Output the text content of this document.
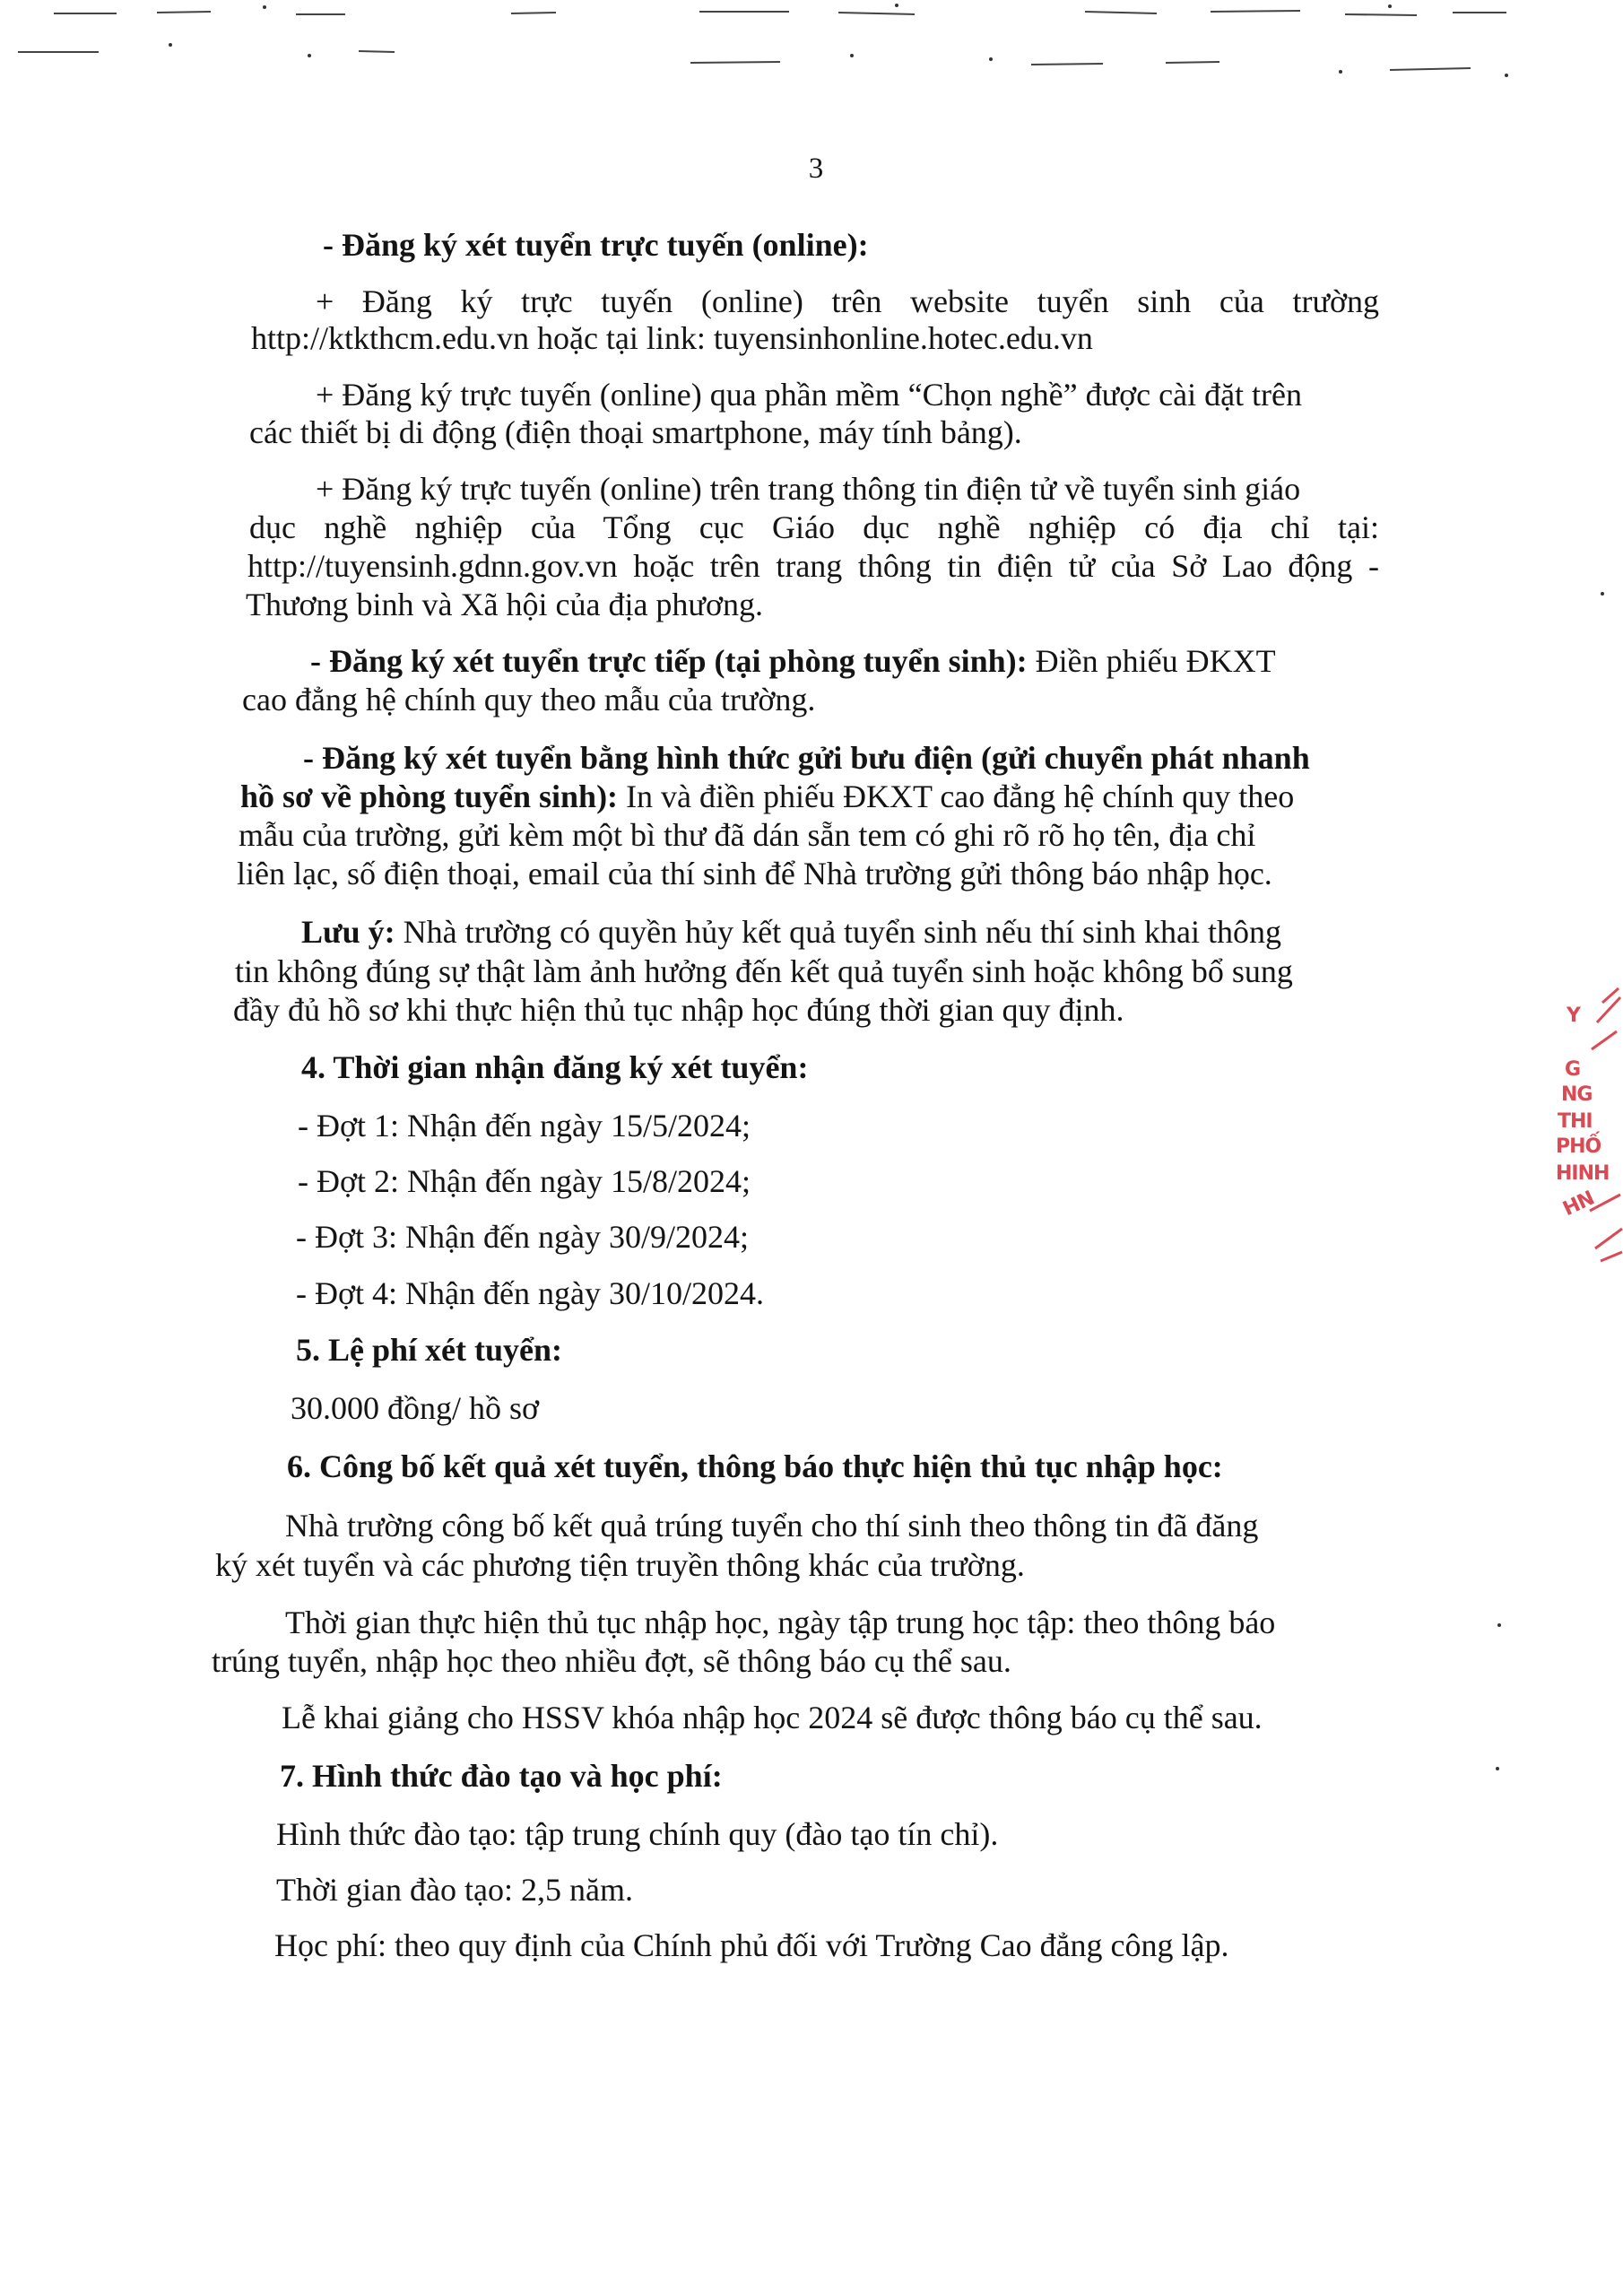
3
- Đăng ký xét tuyển trực tuyến (online):
+ Đăng ký trực tuyến (online) trên website tuyển sinh của trường
http://ktkthcm.edu.vn hoặc tại link: tuyensinhonline.hotec.edu.vn
+ Đăng ký trực tuyến (online) qua phần mềm “Chọn nghề” được cài đặt trên
các thiết bị di động (điện thoại smartphone, máy tính bảng).
+ Đăng ký trực tuyến (online) trên trang thông tin điện tử về tuyển sinh giáo
dục nghề nghiệp của Tổng cục Giáo dục nghề nghiệp có địa chỉ tại:
http://tuyensinh.gdnn.gov.vn hoặc trên trang thông tin điện tử của Sở Lao động -
Thương binh và Xã hội của địa phương.
- Đăng ký xét tuyển trực tiếp (tại phòng tuyển sinh): Điền phiếu ĐKXT
cao đẳng hệ chính quy theo mẫu của trường.
- Đăng ký xét tuyển bằng hình thức gửi bưu điện (gửi chuyển phát nhanh
hồ sơ về phòng tuyển sinh): In và điền phiếu ĐKXT cao đẳng hệ chính quy theo
mẫu của trường, gửi kèm một bì thư đã dán sẵn tem có ghi rõ rõ họ tên, địa chỉ
liên lạc, số điện thoại, email của thí sinh để Nhà trường gửi thông báo nhập học.
Lưu ý: Nhà trường có quyền hủy kết quả tuyển sinh nếu thí sinh khai thông
tin không đúng sự thật làm ảnh hưởng đến kết quả tuyển sinh hoặc không bổ sung
đầy đủ hồ sơ khi thực hiện thủ tục nhập học đúng thời gian quy định.
4. Thời gian nhận đăng ký xét tuyển:
- Đợt 1: Nhận đến ngày 15/5/2024;
- Đợt 2: Nhận đến ngày 15/8/2024;
- Đợt 3: Nhận đến ngày 30/9/2024;
- Đợt 4: Nhận đến ngày 30/10/2024.
5. Lệ phí xét tuyển:
30.000 đồng/ hồ sơ
6. Công bố kết quả xét tuyển, thông báo thực hiện thủ tục nhập học:
Nhà trường công bố kết quả trúng tuyển cho thí sinh theo thông tin đã đăng
ký xét tuyển và các phương tiện truyền thông khác của trường.
Thời gian thực hiện thủ tục nhập học, ngày tập trung học tập: theo thông báo
trúng tuyển, nhập học theo nhiều đợt, sẽ thông báo cụ thể sau.
Lễ khai giảng cho HSSV khóa nhập học 2024 sẽ được thông báo cụ thể sau.
7. Hình thức đào tạo và học phí:
Hình thức đào tạo: tập trung chính quy (đào tạo tín chỉ).
Thời gian đào tạo: 2,5 năm.
Học phí: theo quy định của Chính phủ đối với Trường Cao đẳng công lập.
Y
G
NG
THI
PHỐ
HINH
HN
